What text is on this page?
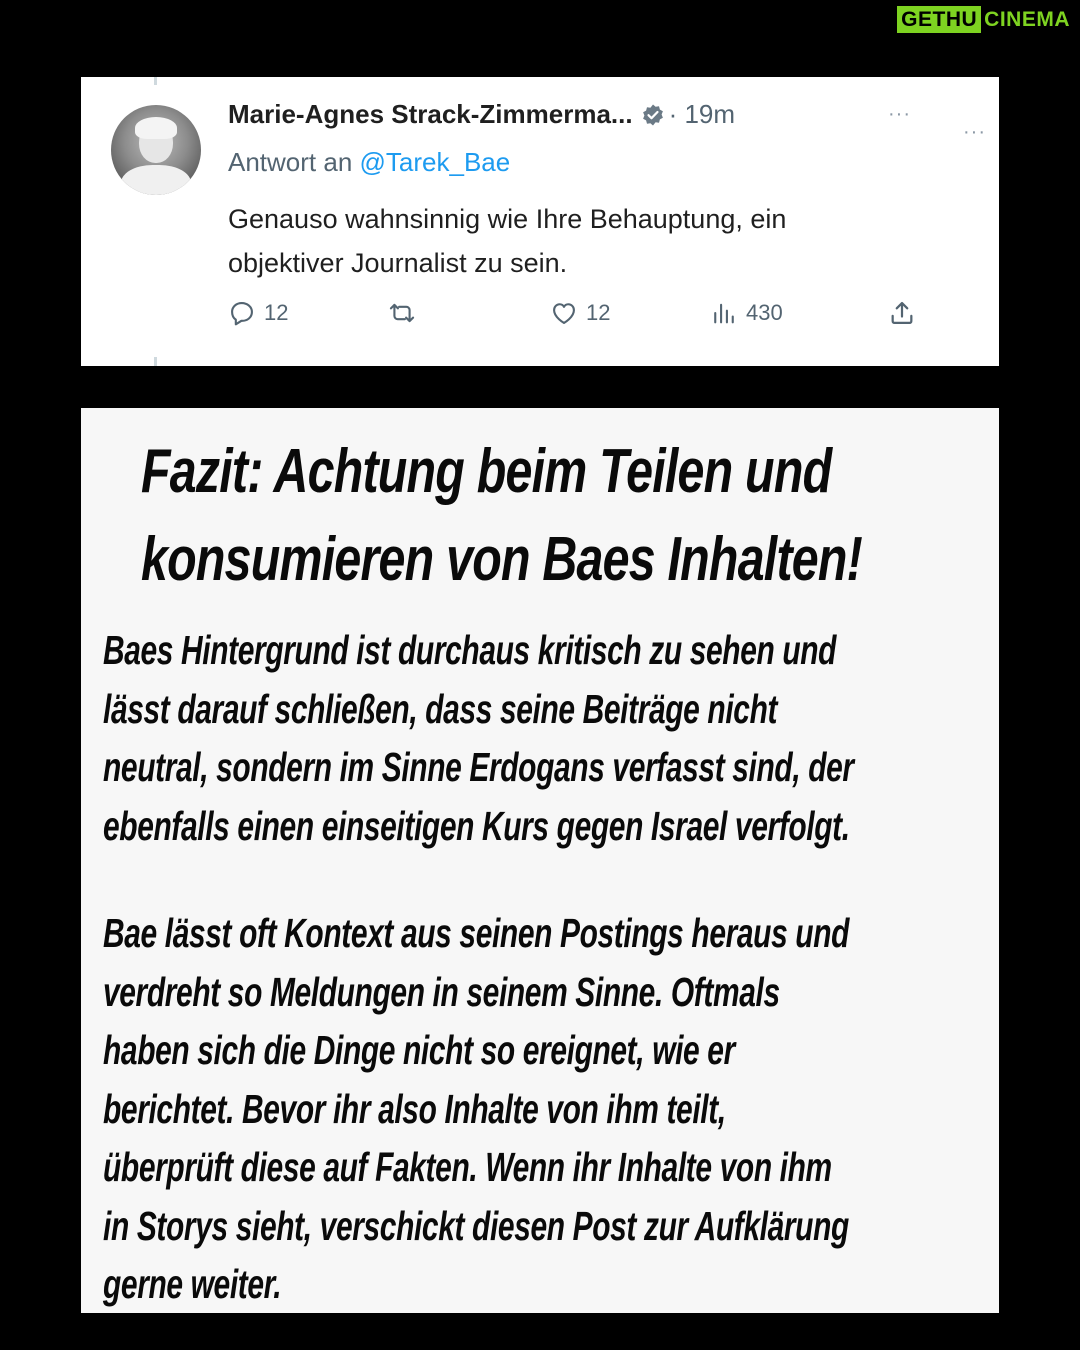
GETHU CINEMA
Marie-Agnes Strack-Zimmerma... · 19m	···
···
Antwort an @Tarek_Bae
Genauso wahnsinnig wie Ihre Behauptung, ein
objektiver Journalist zu sein.
12	12	430
Fazit: Achtung beim Teilen und
konsumieren von Baes Inhalten!
Baes Hintergrund ist durchaus kritisch zu sehen und
lässt darauf schließen, dass seine Beiträge nicht
neutral, sondern im Sinne Erdogans verfasst sind, der
ebenfalls einen einseitigen Kurs gegen Israel verfolgt.
Bae lässt oft Kontext aus seinen Postings heraus und
verdreht so Meldungen in seinem Sinne. Oftmals
haben sich die Dinge nicht so ereignet, wie er
berichtet. Bevor ihr also Inhalte von ihm teilt,
überprüft diese auf Fakten. Wenn ihr Inhalte von ihm
in Storys sieht, verschickt diesen Post zur Aufklärung
gerne weiter.
